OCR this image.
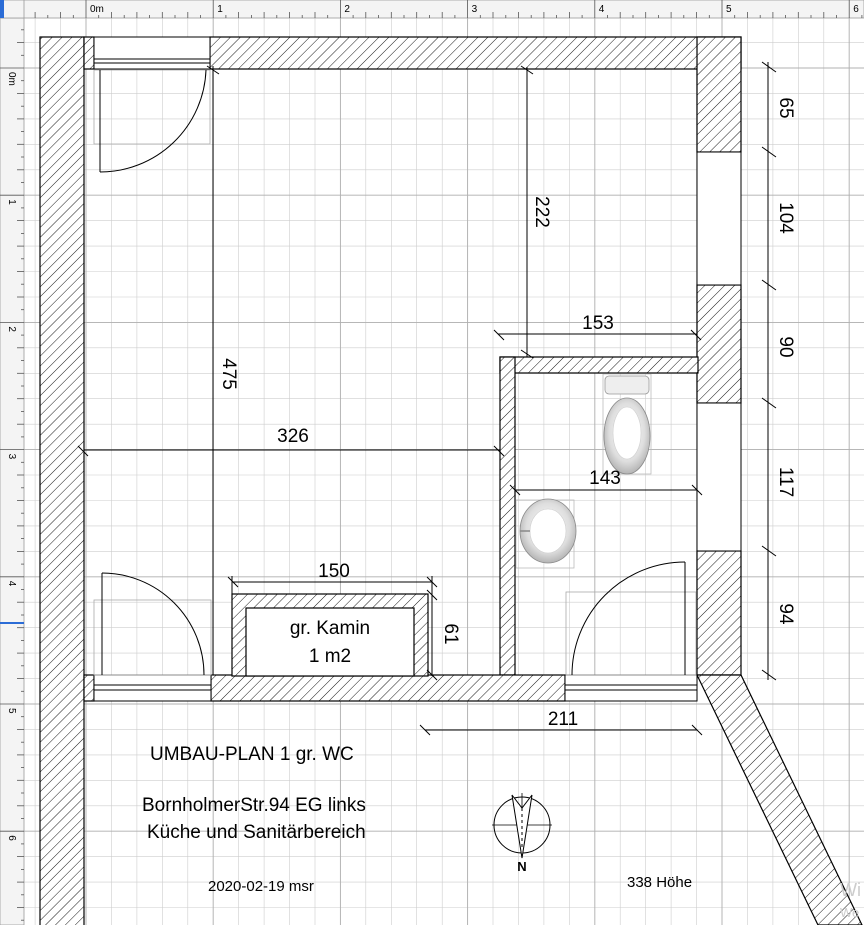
65
104
90
117
94
222
153
475
326
143
150
61
211
gr. Kamin
1 m2
UMBAU-PLAN 1 gr. WC
BornholmerStr.94 EG links
Küche und Sanitärbereich
2020-02-19 msr	338 Höhe
N
0m	1	2	3	4	5	6
0m
1
2
3
4
5
6
Wi
We
